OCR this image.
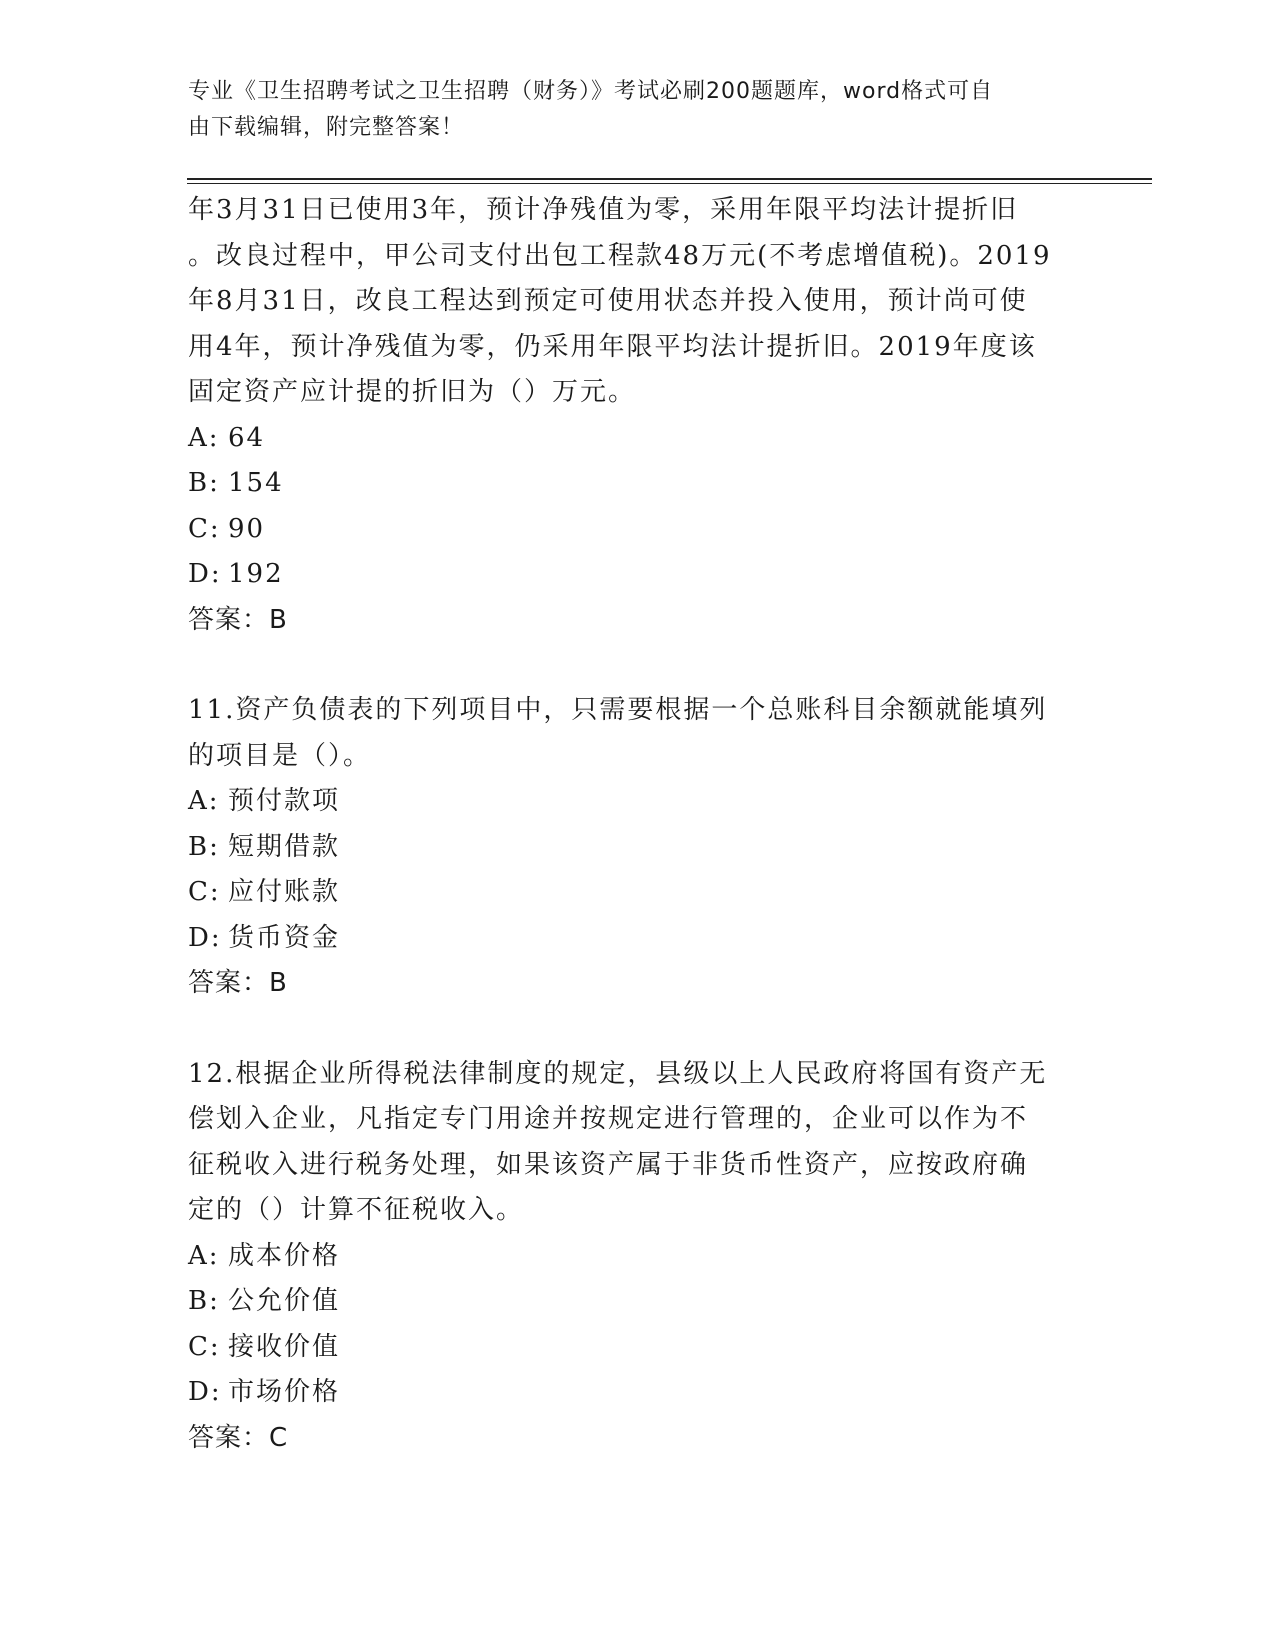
专业《卫生招聘考试之卫生招聘（财务）》考试必刷200题题库，word格式可自
由下载编辑，附完整答案！
年3月31日已使用3年，预计净残值为零，采用年限平均法计提折旧
。改良过程中，甲公司支付出包工程款48万元(不考虑增值税)。2019
年8月31日，改良工程达到预定可使用状态并投入使用，预计尚可使
用4年，预计净残值为零，仍采用年限平均法计提折旧。2019年度该
固定资产应计提的折旧为（）万元。
A: 64
B: 154
C: 90
D: 192
答案：B
11.资产负债表的下列项目中，只需要根据一个总账科目余额就能填列
的项目是（）。
A: 预付款项
B: 短期借款
C: 应付账款
D: 货币资金
答案：B
12.根据企业所得税法律制度的规定，县级以上人民政府将国有资产无
偿划入企业，凡指定专门用途并按规定进行管理的，企业可以作为不
征税收入进行税务处理，如果该资产属于非货币性资产，应按政府确
定的（）计算不征税收入。
A: 成本价格
B: 公允价值
C: 接收价值
D: 市场价格
答案：C
